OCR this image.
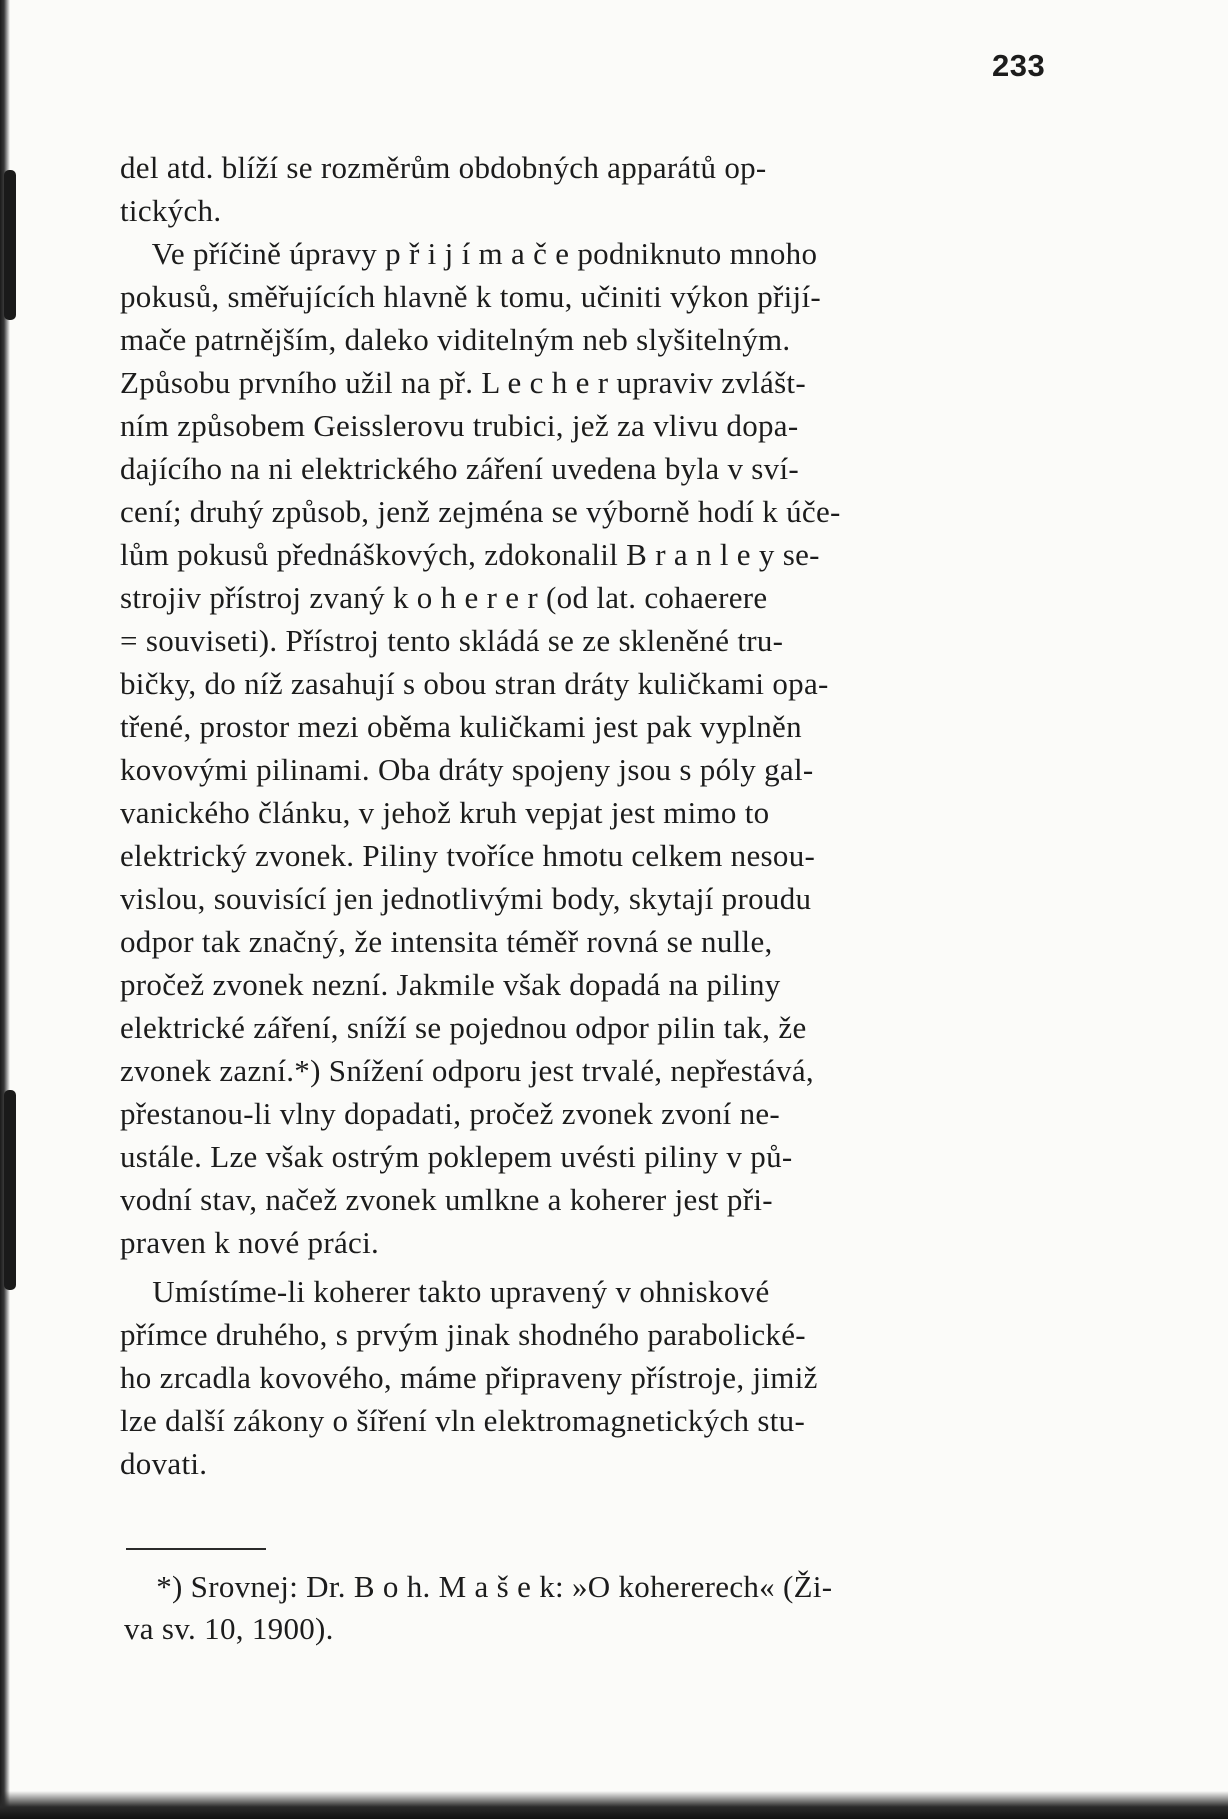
233
del atd. blíží se rozměrům obdobných apparátů op-
tických.
Ve příčině úpravy p ř i j í m a č e podniknuto mnoho
pokusů, směřujících hlavně k tomu, učiniti výkon přijí-
mače patrnějším, daleko viditelným neb slyšitelným.
Způsobu prvního užil na př. L e c h e r upraviv zvlášt-
ním způsobem Geisslerovu trubici, jež za vlivu dopa-
dajícího na ni elektrického záření uvedena byla v sví-
cení; druhý způsob, jenž zejména se výborně hodí k úče-
lům pokusů přednáškových, zdokonalil B r a n l e y se-
strojiv přístroj zvaný k o h e r e r (od lat. cohaerere
= souviseti). Přístroj tento skládá se ze skleněné tru-
bičky, do níž zasahují s obou stran dráty kuličkami opa-
třené, prostor mezi oběma kuličkami jest pak vyplněn
kovovými pilinami. Oba dráty spojeny jsou s póly gal-
vanického článku, v jehož kruh vepjat jest mimo to
elektrický zvonek. Piliny tvoříce hmotu celkem nesou-
vislou, souvisící jen jednotlivými body, skytají proudu
odpor tak značný, že intensita téměř rovná se nulle,
pročež zvonek nezní. Jakmile však dopadá na piliny
elektrické záření, sníží se pojednou odpor pilin tak, že
zvonek zazní.*) Snížení odporu jest trvalé, nepřestává,
přestanou-li vlny dopadati, pročež zvonek zvoní ne-
ustále. Lze však ostrým poklepem uvésti piliny v pů-
vodní stav, načež zvonek umlkne a koherer jest při-
praven k nové práci.
Umístíme-li koherer takto upravený v ohniskové
přímce druhého, s prvým jinak shodného parabolické-
ho zrcadla kovového, máme připraveny přístroje, jimiž
lze další zákony o šíření vln elektromagnetických stu-
dovati.
*) Srovnej: Dr. B o h. M a š e k: »O kohererech« (Ži-
va sv. 10, 1900).
